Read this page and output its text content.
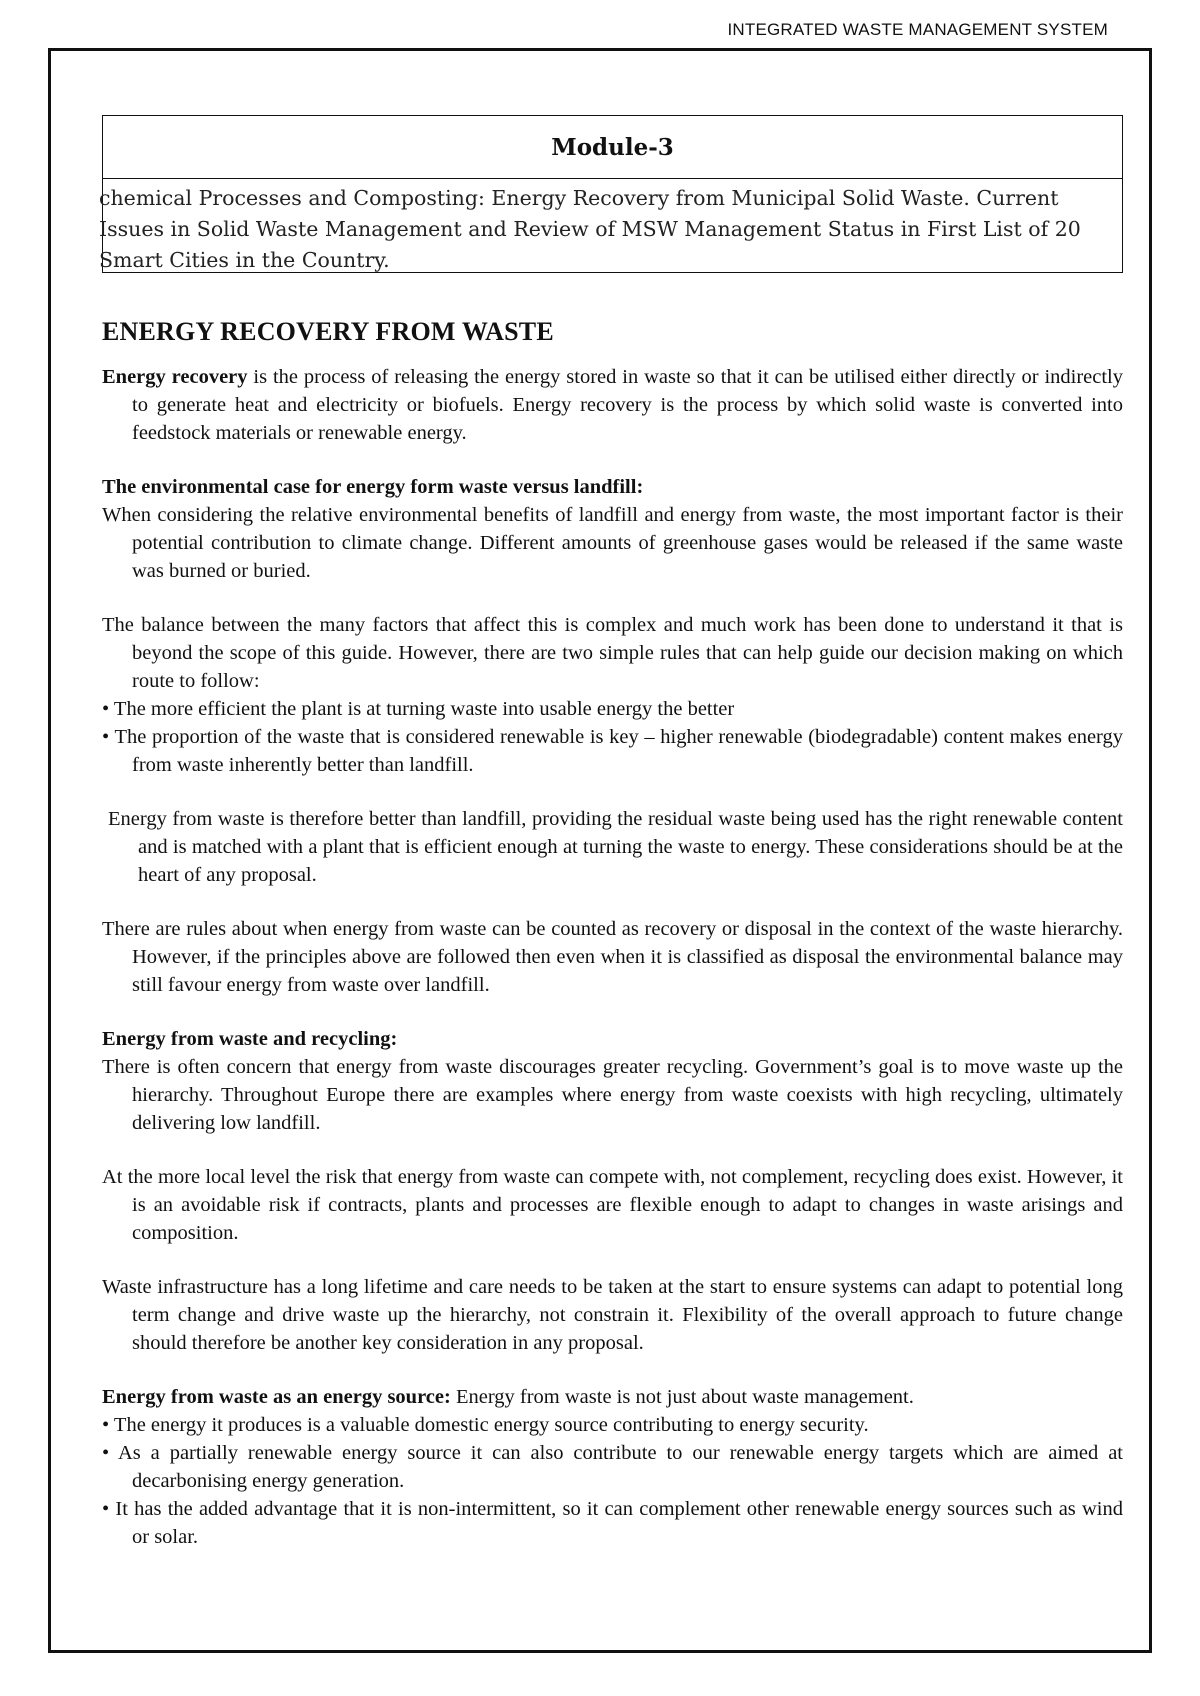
INTEGRATED WASTE MANAGEMENT SYSTEM
Module-3
chemical Processes and Composting: Energy Recovery from Municipal Solid Waste. Current
Issues in Solid Waste Management and Review of MSW Management Status in First List of 20
Smart Cities in the Country.
ENERGY RECOVERY FROM WASTE

Energy recovery is the process of releasing the energy stored in waste so that it can be utilised either directly or indirectly to generate heat and electricity or biofuels. Energy recovery is the process by which solid waste is converted into feedstock materials or renewable energy.

The environmental case for energy form waste versus landfill:

When considering the relative environmental benefits of landfill and energy from waste, the most important factor is their potential contribution to climate change. Different amounts of greenhouse gases would be released if the same waste was burned or buried.

The balance between the many factors that affect this is complex and much work has been done to understand it that is beyond the scope of this guide. However, there are two simple rules that can help guide our decision making on which route to follow:

• The more efficient the plant is at turning waste into usable energy the better
• The proportion of the waste that is considered renewable is key – higher renewable (biodegradable) content makes energy from waste inherently better than landfill.

Energy from waste is therefore better than landfill, providing the residual waste being used has the right renewable content and is matched with a plant that is efficient enough at turning the waste to energy. These considerations should be at the heart of any proposal.

There are rules about when energy from waste can be counted as recovery or disposal in the context of the waste hierarchy. However, if the principles above are followed then even when it is classified as disposal the environmental balance may still favour energy from waste over landfill.

Energy from waste and recycling:

There is often concern that energy from waste discourages greater recycling. Government’s goal is to move waste up the hierarchy. Throughout Europe there are examples where energy from waste coexists with high recycling, ultimately delivering low landfill.

At the more local level the risk that energy from waste can compete with, not complement, recycling does exist. However, it is an avoidable risk if contracts, plants and processes are flexible enough to adapt to changes in waste arisings and composition.

Waste infrastructure has a long lifetime and care needs to be taken at the start to ensure systems can adapt to potential long term change and drive waste up the hierarchy, not constrain it. Flexibility of the overall approach to future change should therefore be another key consideration in any proposal.

Energy from waste as an energy source: Energy from waste is not just about waste management.

• The energy it produces is a valuable domestic energy source contributing to energy security.
• As a partially renewable energy source it can also contribute to our renewable energy targets which are aimed at decarbonising energy generation.
• It has the added advantage that it is non-intermittent, so it can complement other renewable energy sources such as wind or solar.
